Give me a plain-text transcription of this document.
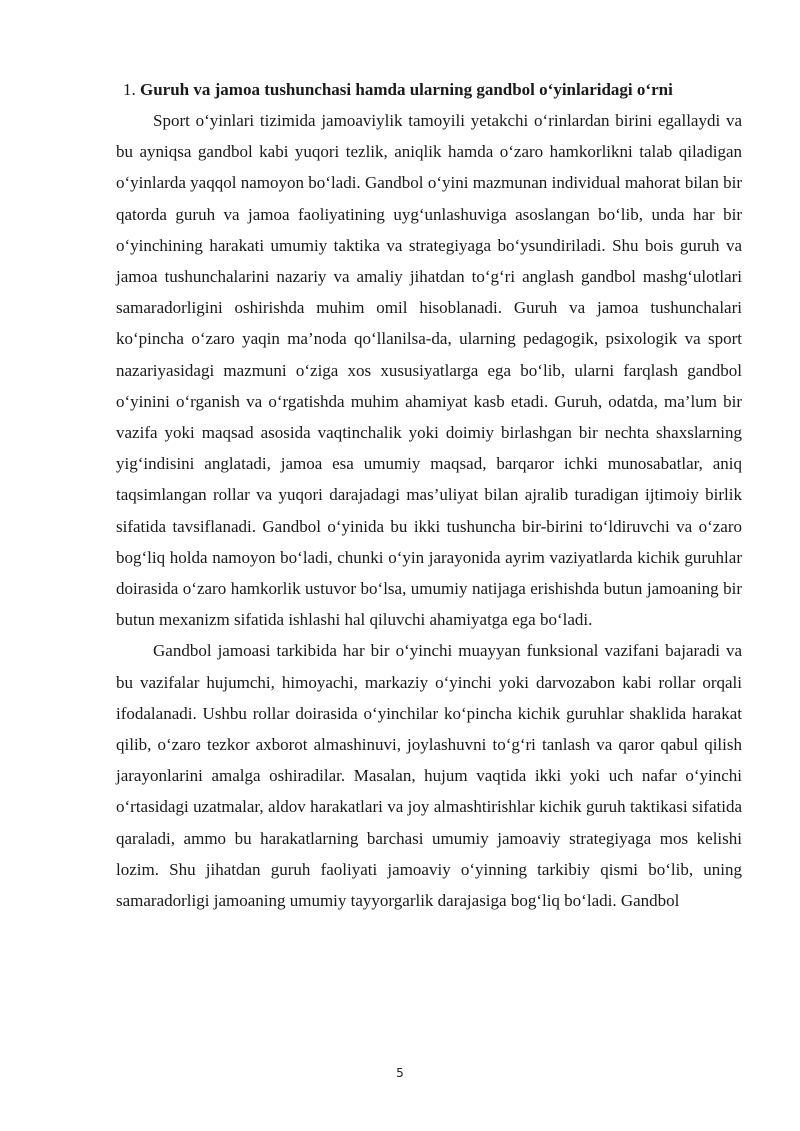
1. Guruh va jamoa tushunchasi hamda ularning gandbol o‘yinlaridagi o‘rni

Sport o‘yinlari tizimida jamoaviylik tamoyili yetakchi o‘rinlardan birini egallaydi va bu ayniqsa gandbol kabi yuqori tezlik, aniqlik hamda o‘zaro hamkorlikni talab qiladigan o‘yinlarda yaqqol namoyon bo‘ladi. Gandbol o‘yini mazmunan individual mahorat bilan bir qatorda guruh va jamoa faoliyatining uyg‘unlashuviga asoslangan bo‘lib, unda har bir o‘yinchining harakati umumiy taktika va strategiyaga bo‘ysundiriladi. Shu bois guruh va jamoa tushunchalarini nazariy va amaliy jihatdan to‘g‘ri anglash gandbol mashg‘ulotlari samaradorligini oshirishda muhim omil hisoblanadi. Guruh va jamoa tushunchalari ko‘pincha o‘zaro yaqin ma’noda qo‘llanilsa-da, ularning pedagogik, psixologik va sport nazariyasidagi mazmuni o‘ziga xos xususiyatlarga ega bo‘lib, ularni farqlash gandbol o‘yinini o‘rganish va o‘rgatishda muhim ahamiyat kasb etadi. Guruh, odatda, ma’lum bir vazifa yoki maqsad asosida vaqtinchalik yoki doimiy birlashgan bir nechta shaxslarning yig‘indisini anglatadi, jamoa esa umumiy maqsad, barqaror ichki munosabatlar, aniq taqsimlangan rollar va yuqori darajadagi mas’uliyat bilan ajralib turadigan ijtimoiy birlik sifatida tavsiflanadi. Gandbol o‘yinida bu ikki tushuncha bir-birini to‘ldiruvchi va o‘zaro bog‘liq holda namoyon bo‘ladi, chunki o‘yin jarayonida ayrim vaziyatlarda kichik guruhlar doirasida o‘zaro hamkorlik ustuvor bo‘lsa, umumiy natijaga erishishda butun jamoaning bir butun mexanizm sifatida ishlashi hal qiluvchi ahamiyatga ega bo‘ladi.

Gandbol jamoasi tarkibida har bir o‘yinchi muayyan funksional vazifani bajaradi va bu vazifalar hujumchi, himoyachi, markaziy o‘yinchi yoki darvozabon kabi rollar orqali ifodalanadi. Ushbu rollar doirasida o‘yinchilar ko‘pincha kichik guruhlar shaklida harakat qilib, o‘zaro tezkor axborot almashinuvi, joylashuvni to‘g‘ri tanlash va qaror qabul qilish jarayonlarini amalga oshiradilar. Masalan, hujum vaqtida ikki yoki uch nafar o‘yinchi o‘rtasidagi uzatmalar, aldov harakatlari va joy almashtirishlar kichik guruh taktikasi sifatida qaraladi, ammo bu harakatlarning barchasi umumiy jamoaviy strategiyaga mos kelishi lozim. Shu jihatdan guruh faoliyati jamoaviy o‘yinning tarkibiy qismi bo‘lib, uning samaradorligi jamoaning umumiy tayyorgarlik darajasiga bog‘liq bo‘ladi. Gandbol

5
